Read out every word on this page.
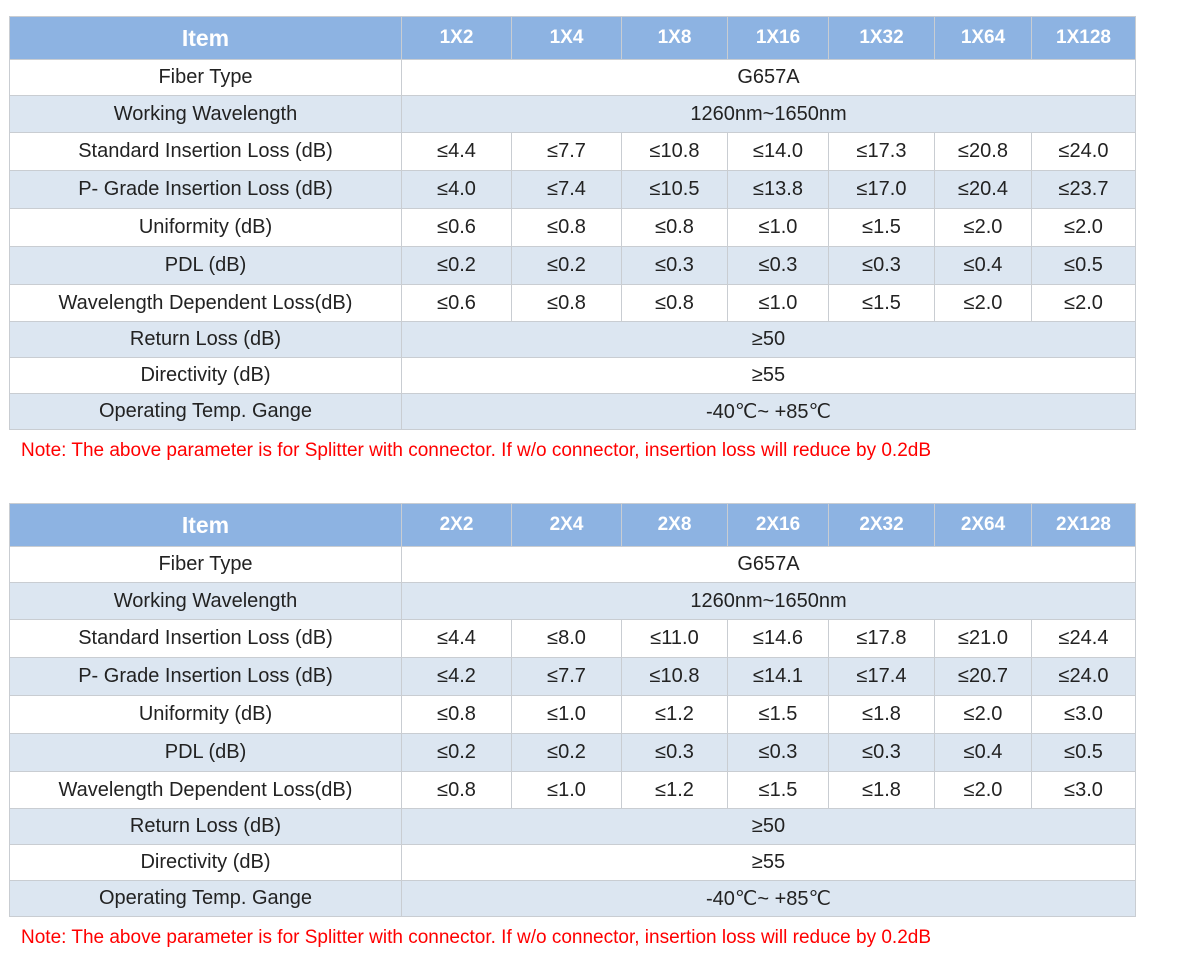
Item	1X2	1X4	1X8	1X16	1X32	1X64	1X128
Fiber Type	G657A						
Working Wavelength	1260nm~1650nm						
Standard Insertion Loss (dB)	≤4.4	≤7.7	≤10.8	≤14.0	≤17.3	≤20.8	≤24.0
P- Grade Insertion Loss (dB)	≤4.0	≤7.4	≤10.5	≤13.8	≤17.0	≤20.4	≤23.7
Uniformity (dB)	≤0.6	≤0.8	≤0.8	≤1.0	≤1.5	≤2.0	≤2.0
PDL (dB)	≤0.2	≤0.2	≤0.3	≤0.3	≤0.3	≤0.4	≤0.5
Wavelength Dependent Loss(dB)	≤0.6	≤0.8	≤0.8	≤1.0	≤1.5	≤2.0	≤2.0
Return Loss (dB)	≥50						
Directivity (dB)	≥55						
Operating Temp. Gange	-40℃~ +85℃						
Note: The above parameter is for Splitter with connector. If w/o connector, insertion loss will reduce by 0.2dB
Item	2X2	2X4	2X8	2X16	2X32	2X64	2X128
Fiber Type	G657A						
Working Wavelength	1260nm~1650nm						
Standard Insertion Loss (dB)	≤4.4	≤8.0	≤11.0	≤14.6	≤17.8	≤21.0	≤24.4
P- Grade Insertion Loss (dB)	≤4.2	≤7.7	≤10.8	≤14.1	≤17.4	≤20.7	≤24.0
Uniformity (dB)	≤0.8	≤1.0	≤1.2	≤1.5	≤1.8	≤2.0	≤3.0
PDL (dB)	≤0.2	≤0.2	≤0.3	≤0.3	≤0.3	≤0.4	≤0.5
Wavelength Dependent Loss(dB)	≤0.8	≤1.0	≤1.2	≤1.5	≤1.8	≤2.0	≤3.0
Return Loss (dB)	≥50						
Directivity (dB)	≥55						
Operating Temp. Gange	-40℃~ +85℃						
Note: The above parameter is for Splitter with connector. If w/o connector, insertion loss will reduce by 0.2dB
